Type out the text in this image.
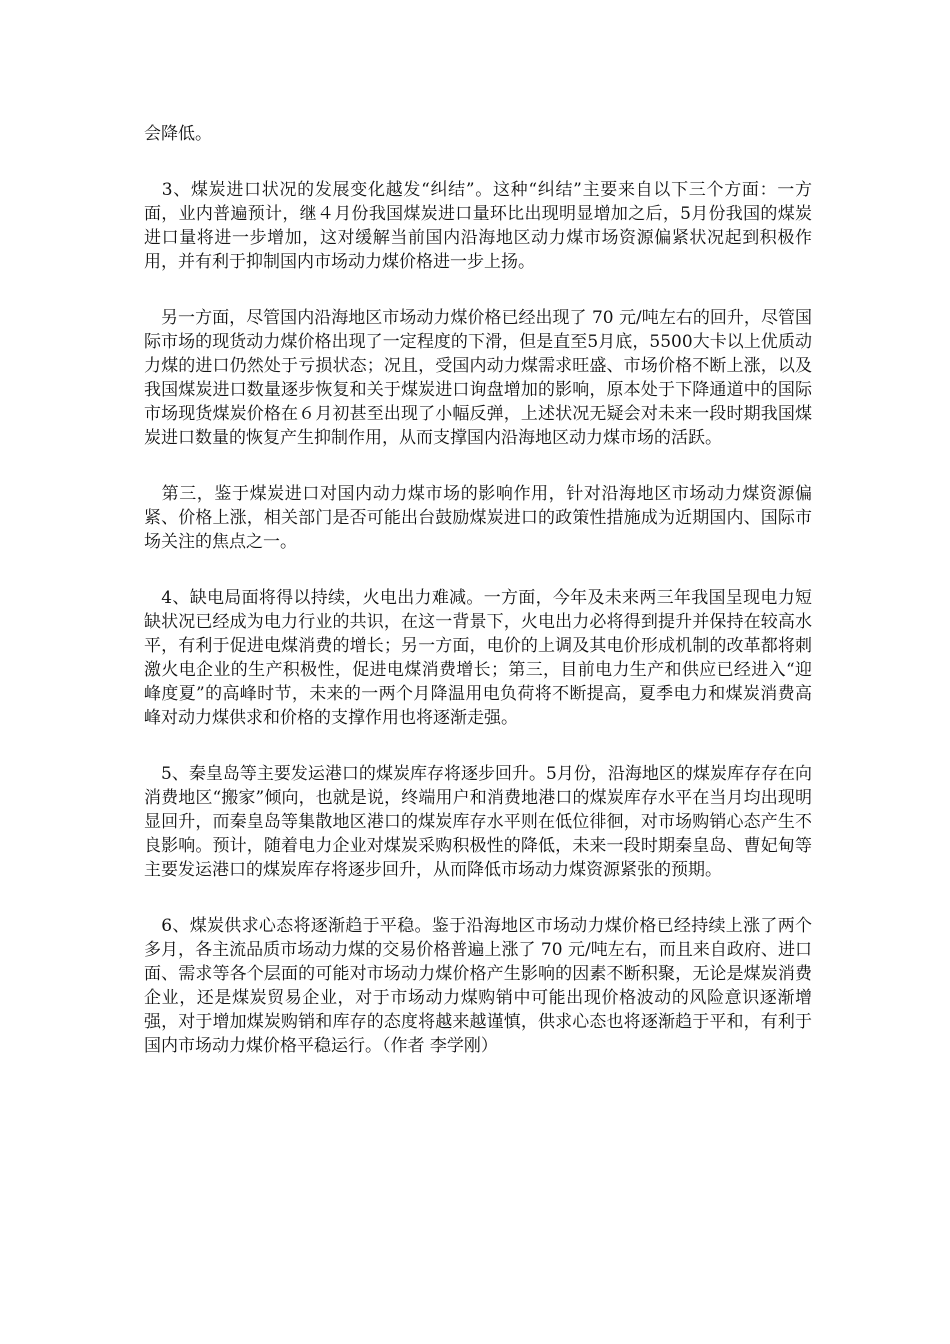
会降低。

　3、煤炭进口状况的发展变化越发“纠结”。这种“纠结”主要来自以下三个方面：一方面，业内普遍预计，继４月份我国煤炭进口量环比出现明显增加之后，5月份我国的煤炭进口量将进一步增加，这对缓解当前国内沿海地区动力煤市场资源偏紧状况起到积极作用，并有利于抑制国内市场动力煤价格进一步上扬。

　另一方面，尽管国内沿海地区市场动力煤价格已经出现了 70 元/吨左右的回升，尽管国际市场的现货动力煤价格出现了一定程度的下滑，但是直至5月底，5500大卡以上优质动力煤的进口仍然处于亏损状态；况且，受国内动力煤需求旺盛、市场价格不断上涨，以及我国煤炭进口数量逐步恢复和关于煤炭进口询盘增加的影响，原本处于下降通道中的国际市场现货煤炭价格在６月初甚至出现了小幅反弹，上述状况无疑会对未来一段时期我国煤炭进口数量的恢复产生抑制作用，从而支撑国内沿海地区动力煤市场的活跃。

　第三，鉴于煤炭进口对国内动力煤市场的影响作用，针对沿海地区市场动力煤资源偏紧、价格上涨，相关部门是否可能出台鼓励煤炭进口的政策性措施成为近期国内、国际市场关注的焦点之一。

　4、缺电局面将得以持续，火电出力难减。一方面，今年及未来两三年我国呈现电力短缺状况已经成为电力行业的共识，在这一背景下，火电出力必将得到提升并保持在较高水平，有利于促进电煤消费的增长；另一方面，电价的上调及其电价形成机制的改革都将刺激火电企业的生产积极性，促进电煤消费增长；第三，目前电力生产和供应已经进入“迎峰度夏”的高峰时节，未来的一两个月降温用电负荷将不断提高，夏季电力和煤炭消费高峰对动力煤供求和价格的支撑作用也将逐渐走强。

　5、秦皇岛等主要发运港口的煤炭库存将逐步回升。5月份，沿海地区的煤炭库存存在向消费地区“搬家”倾向，也就是说，终端用户和消费地港口的煤炭库存水平在当月均出现明显回升，而秦皇岛等集散地区港口的煤炭库存水平则在低位徘徊，对市场购销心态产生不良影响。预计，随着电力企业对煤炭采购积极性的降低，未来一段时期秦皇岛、曹妃甸等主要发运港口的煤炭库存将逐步回升，从而降低市场动力煤资源紧张的预期。

　6、煤炭供求心态将逐渐趋于平稳。鉴于沿海地区市场动力煤价格已经持续上涨了两个多月，各主流品质市场动力煤的交易价格普遍上涨了 70 元/吨左右，而且来自政府、进口面、需求等各个层面的可能对市场动力煤价格产生影响的因素不断积聚，无论是煤炭消费企业，还是煤炭贸易企业，对于市场动力煤购销中可能出现价格波动的风险意识逐渐增强，对于增加煤炭购销和库存的态度将越来越谨慎，供求心态也将逐渐趋于平和，有利于国内市场动力煤价格平稳运行。（作者 李学刚）
